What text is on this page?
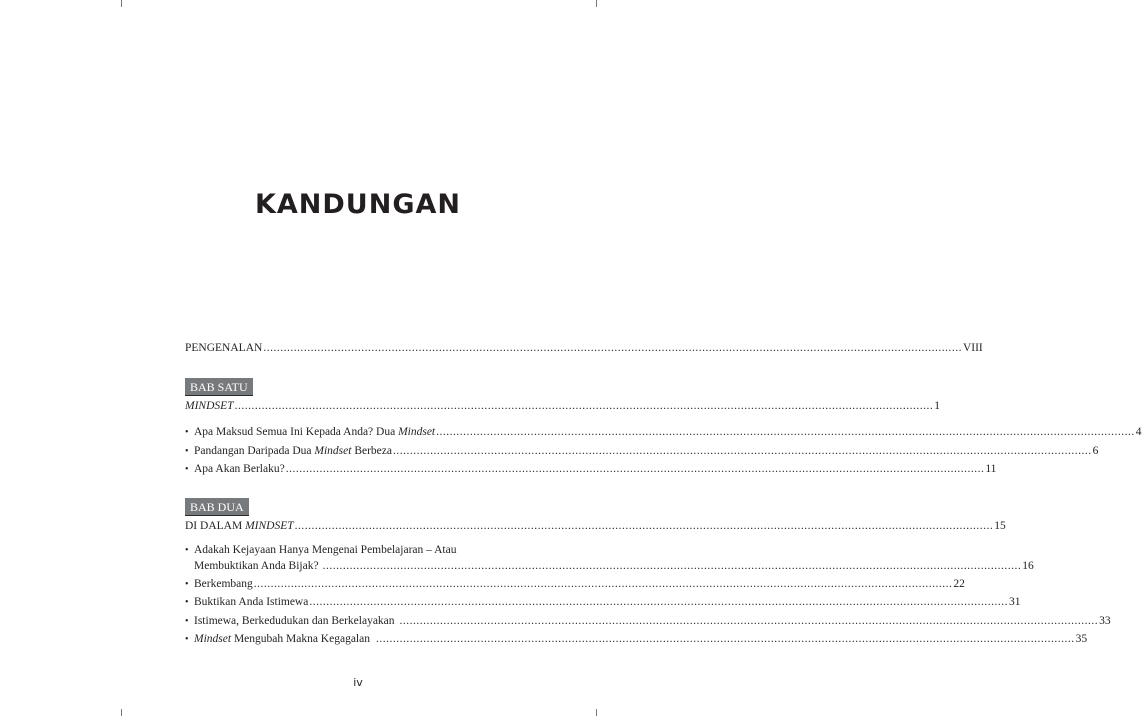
KANDUNGAN
PENGENALAN .....	VIII
BAB SATU
MINDSET .....	1
• Apa Maksud Semua Ini Kepada Anda? Dua Mindset .....	4
• Pandangan Daripada Dua Mindset Berbeza .....	6
• Apa Akan Berlaku? .....	11
BAB DUA
DI DALAM MINDSET .....	15
• Adakah Kejayaan Hanya Mengenai Pembelajaran – Atau
Membuktikan Anda Bijak? .....	16
• Berkembang .....	22
• Buktikan Anda Istimewa .....	31
• Istimewa, Berkedudukan dan Berkelayakan .....	33
• Mindset Mengubah Makna Kegagalan .....	35
iv
